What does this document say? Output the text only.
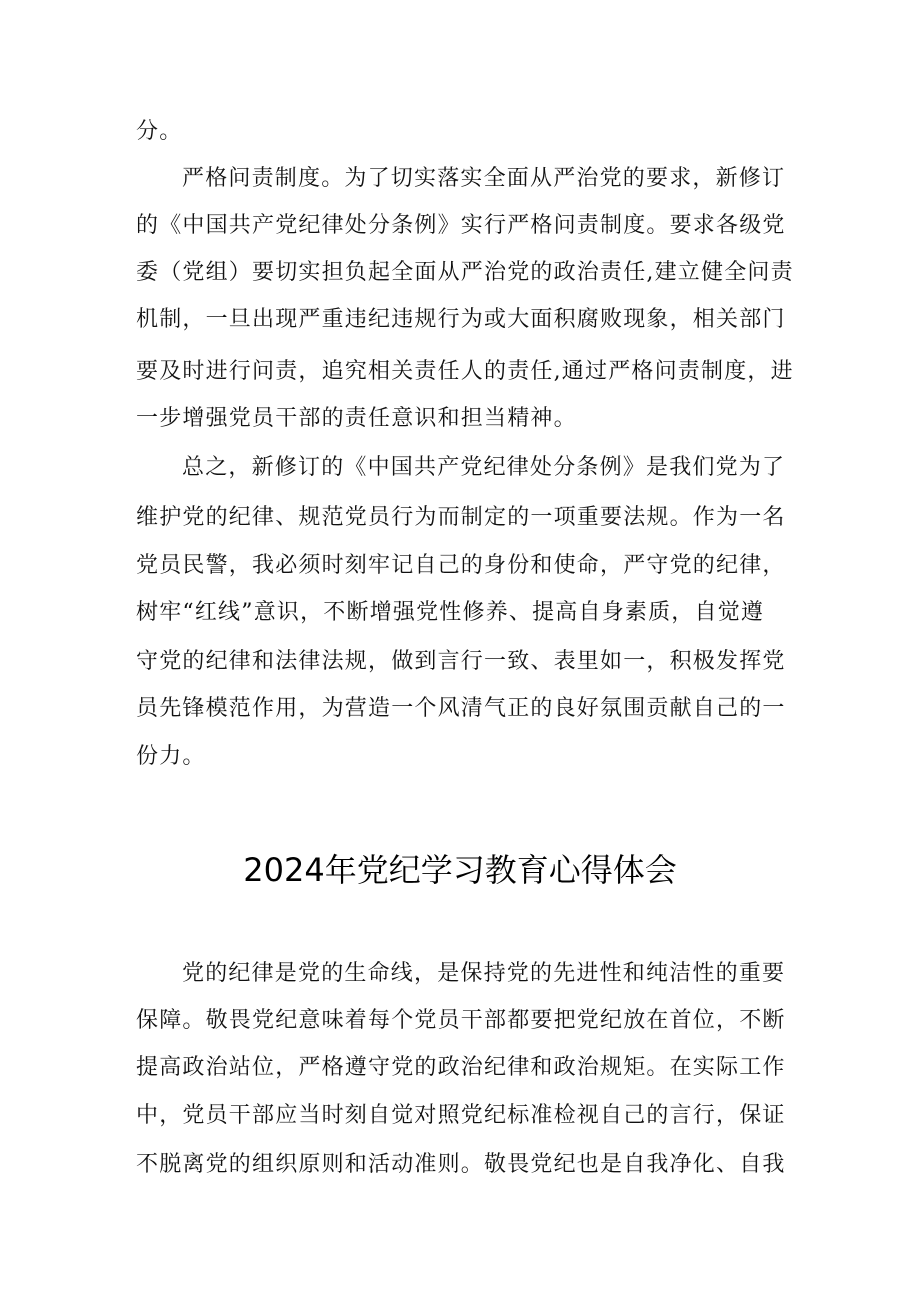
分。
严格问责制度。为了切实落实全面从严治党的要求，新修订
的《中国共产党纪律处分条例》实行严格问责制度。要求各级党
委（党组）要切实担负起全面从严治党的政治责任,建立健全问责
机制，一旦出现严重违纪违规行为或大面积腐败现象，相关部门
要及时进行问责，追究相关责任人的责任,通过严格问责制度，进
一步增强党员干部的责任意识和担当精神。
总之，新修订的《中国共产党纪律处分条例》是我们党为了
维护党的纪律、规范党员行为而制定的一项重要法规。作为一名
党员民警，我必须时刻牢记自己的身份和使命，严守党的纪律，
树牢“红线”意识，不断增强党性修养、提高自身素质，自觉遵
守党的纪律和法律法规，做到言行一致、表里如一，积极发挥党
员先锋模范作用，为营造一个风清气正的良好氛围贡献自己的一
份力。
2024年党纪学习教育心得体会
党的纪律是党的生命线，是保持党的先进性和纯洁性的重要
保障。敬畏党纪意味着每个党员干部都要把党纪放在首位，不断
提高政治站位，严格遵守党的政治纪律和政治规矩。在实际工作
中，党员干部应当时刻自觉对照党纪标准检视自己的言行，保证
不脱离党的组织原则和活动准则。敬畏党纪也是自我净化、自我
